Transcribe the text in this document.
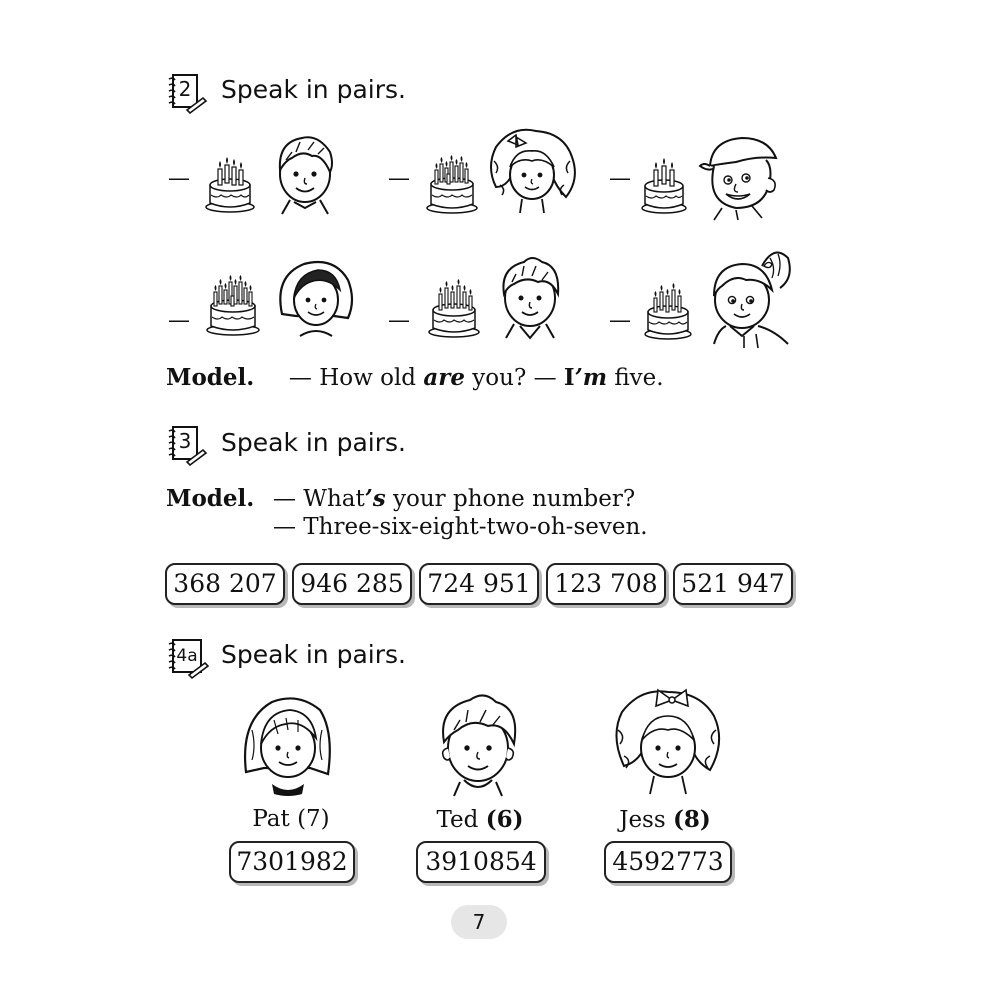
2 Speak in pairs.
—	—	—
—	—	—
Model. — How old are you? — I’m five.
3 Speak in pairs.
Model. — What’s your phone number?
— Three-six-eight-two-oh-seven.
368 207 946 285 724 951 123 708 521 947
4a Speak in pairs.
Pat (7)
7301982
Ted (6)
3910854
Jess (8)
4592773
7
